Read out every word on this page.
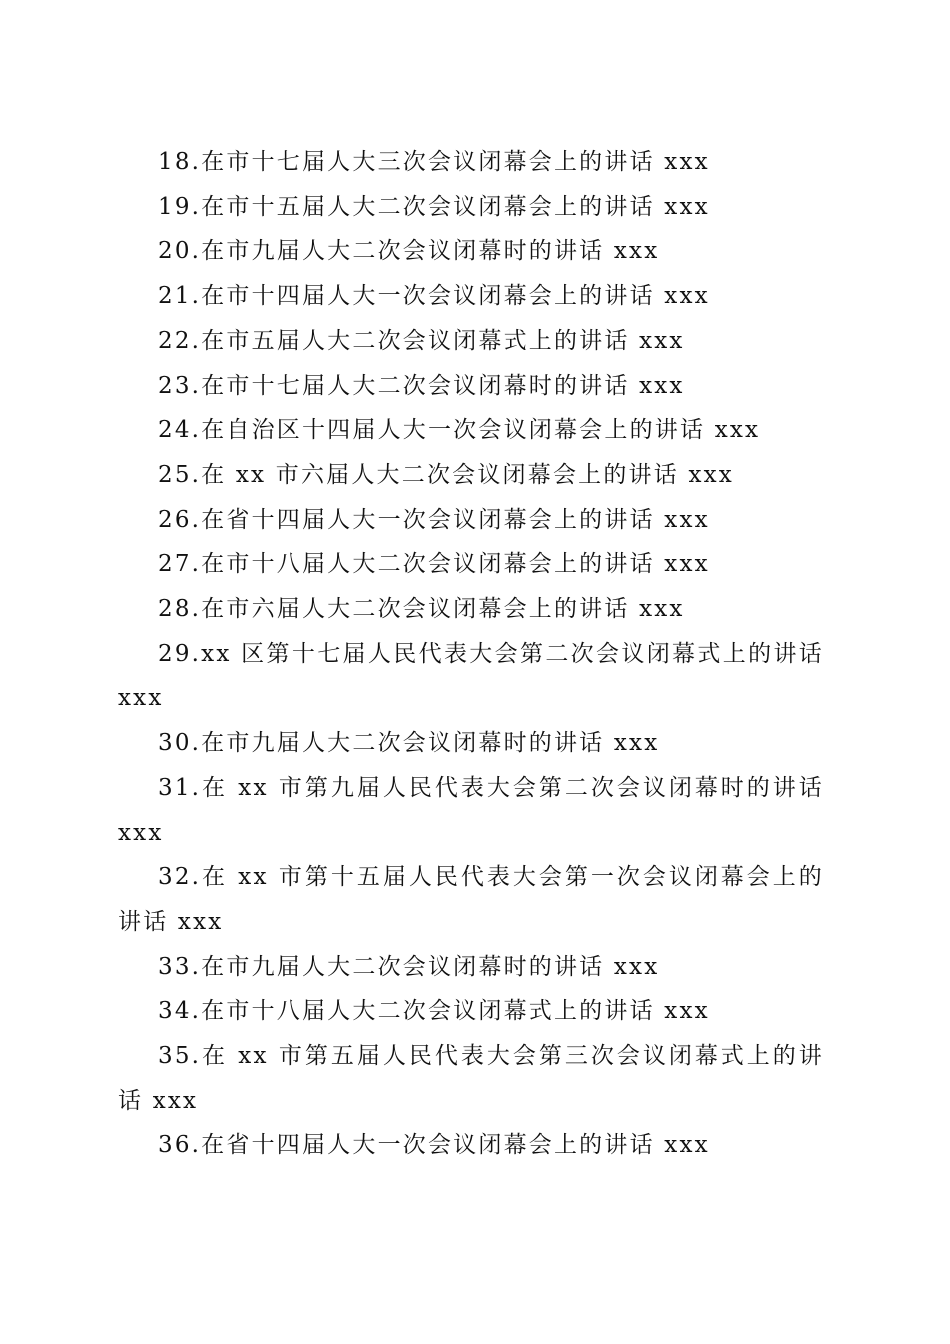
18.在市十七届人大三次会议闭幕会上的讲话 xxx

19.在市十五届人大二次会议闭幕会上的讲话 xxx

20.在市九届人大二次会议闭幕时的讲话 xxx

21.在市十四届人大一次会议闭幕会上的讲话 xxx

22.在市五届人大二次会议闭幕式上的讲话 xxx

23.在市十七届人大二次会议闭幕时的讲话 xxx

24.在自治区十四届人大一次会议闭幕会上的讲话 xxx

25.在 xx 市六届人大二次会议闭幕会上的讲话 xxx

26.在省十四届人大一次会议闭幕会上的讲话 xxx

27.在市十八届人大二次会议闭幕会上的讲话 xxx

28.在市六届人大二次会议闭幕会上的讲话 xxx

29.xx 区第十七届人民代表大会第二次会议闭幕式上的讲话 xxx

30.在市九届人大二次会议闭幕时的讲话 xxx

31.在 xx 市第九届人民代表大会第二次会议闭幕时的讲话 xxx

32.在 xx 市第十五届人民代表大会第一次会议闭幕会上的讲话 xxx

33.在市九届人大二次会议闭幕时的讲话 xxx

34.在市十八届人大二次会议闭幕式上的讲话 xxx

35.在 xx 市第五届人民代表大会第三次会议闭幕式上的讲话 xxx

36.在省十四届人大一次会议闭幕会上的讲话 xxx
